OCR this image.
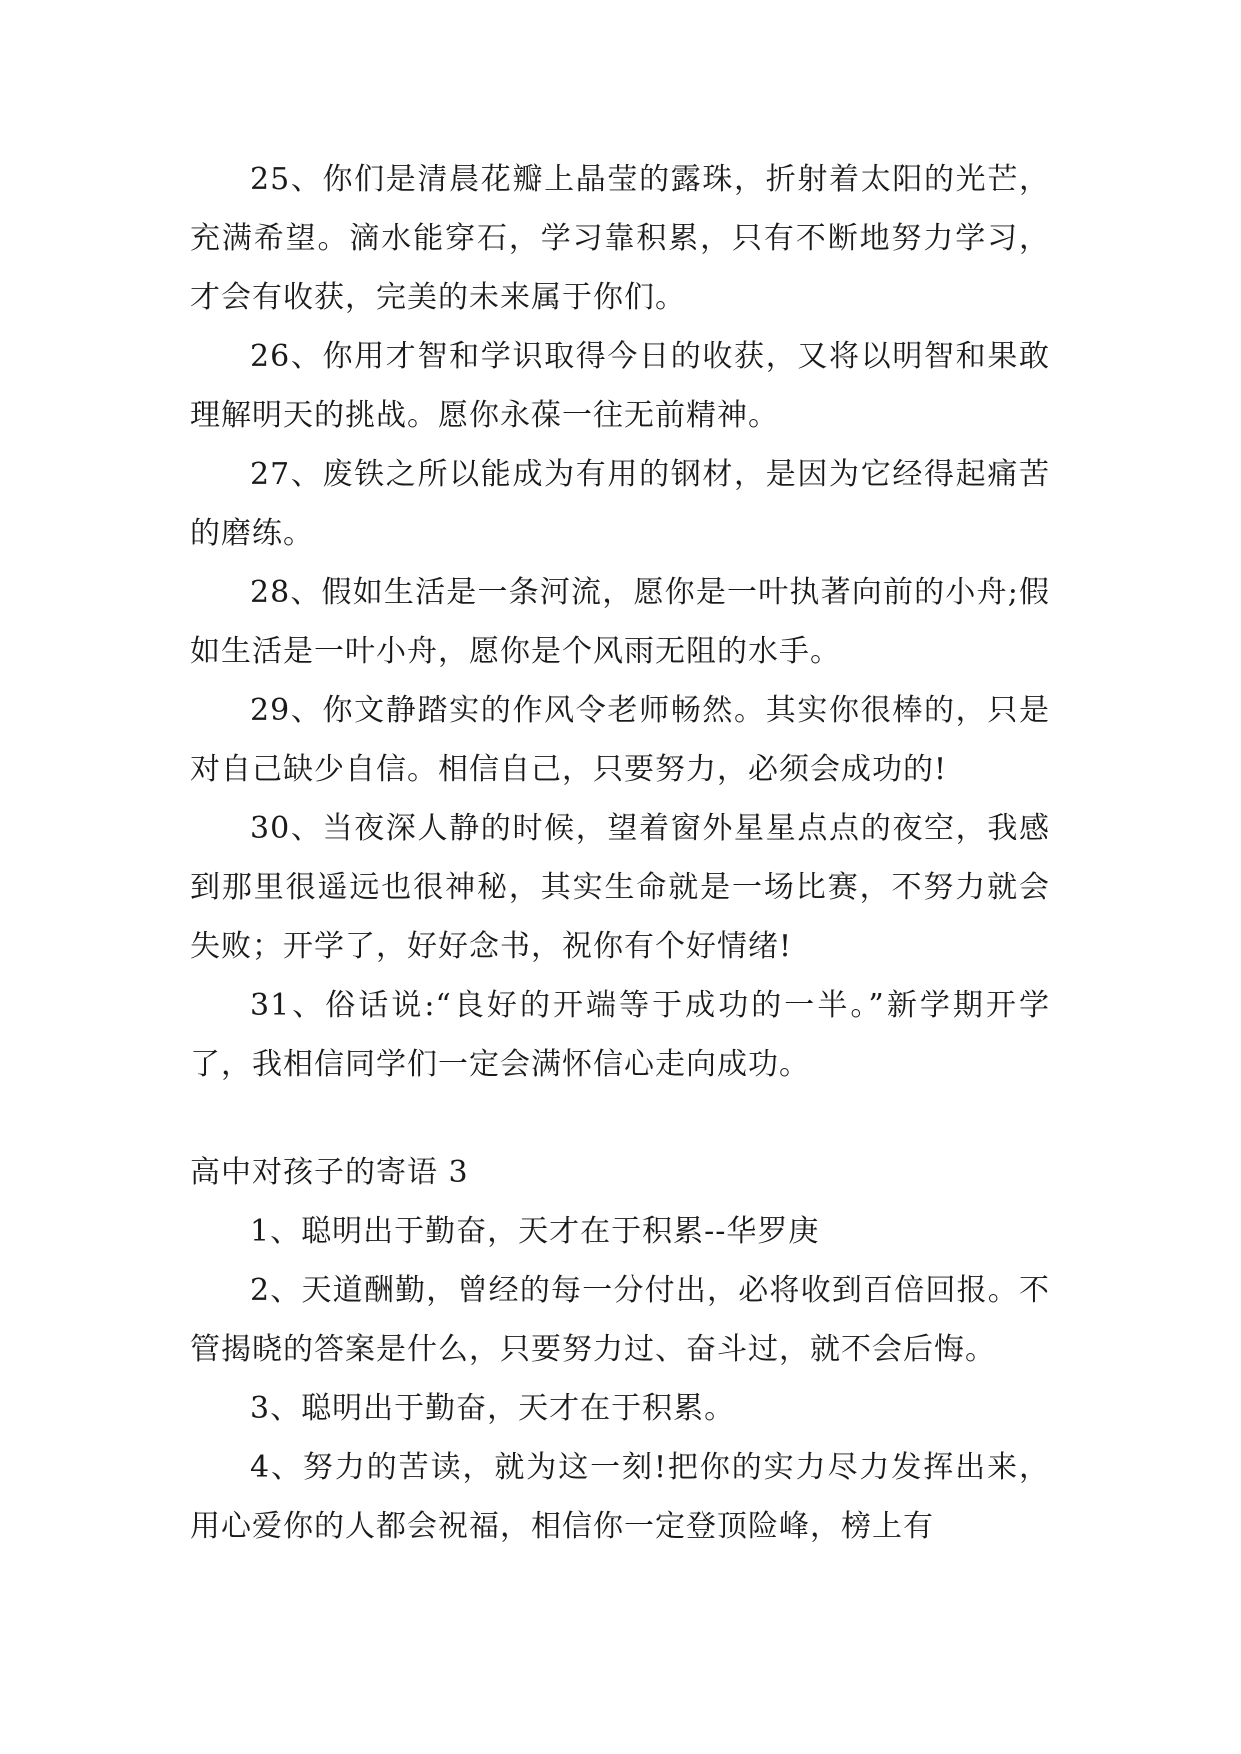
25、你们是清晨花瓣上晶莹的露珠，折射着太阳的光芒，充满希望。滴水能穿石，学习靠积累，只有不断地努力学习，才会有收获，完美的未来属于你们。

26、你用才智和学识取得今日的收获，又将以明智和果敢理解明天的挑战。愿你永葆一往无前精神。

27、废铁之所以能成为有用的钢材，是因为它经得起痛苦的磨练。

28、假如生活是一条河流，愿你是一叶执著向前的小舟;假如生活是一叶小舟，愿你是个风雨无阻的水手。

29、你文静踏实的作风令老师畅然。其实你很棒的，只是对自己缺少自信。相信自己，只要努力，必须会成功的!

30、当夜深人静的时候，望着窗外星星点点的夜空，我感到那里很遥远也很神秘，其实生命就是一场比赛，不努力就会失败；开学了，好好念书，祝你有个好情绪!

31、俗话说:“良好的开端等于成功的一半。”新学期开学了，我相信同学们一定会满怀信心走向成功。

高中对孩子的寄语 3

1、聪明出于勤奋，天才在于积累--华罗庚

2、天道酬勤，曾经的每一分付出，必将收到百倍回报。不管揭晓的答案是什么，只要努力过、奋斗过，就不会后悔。

3、聪明出于勤奋，天才在于积累。

4、努力的苦读，就为这一刻!把你的实力尽力发挥出来，用心爱你的人都会祝福，相信你一定登顶险峰，榜上有
